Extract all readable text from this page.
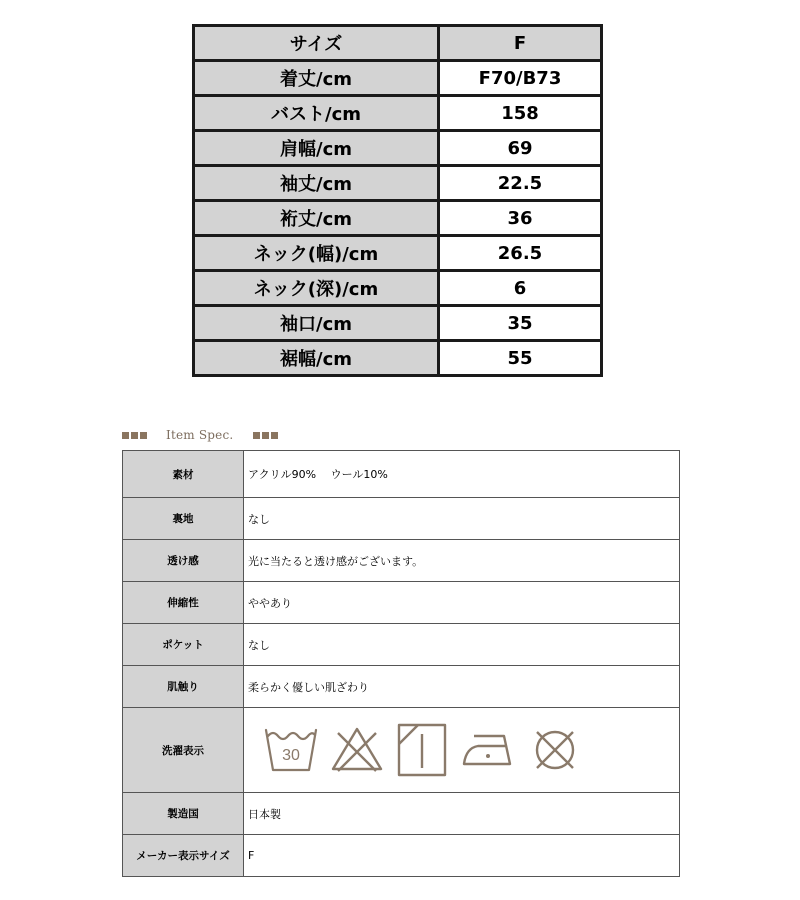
サイズ	F
着丈/cm	F70/B73
バスト/cm	158
肩幅/cm	69
袖丈/cm	22.5
裄丈/cm	36
ネック(幅)/cm	26.5
ネック(深)/cm	6
袖口/cm	35
裾幅/cm	55
Item Spec.
素材	アクリル90%　 ウール10%
裏地	なし
透け感	光に当たると透け感がございます。
伸縮性	ややあり
ポケット	なし
肌触り	柔らかく優しい肌ざわり
洗濯表示	30

製造国	日本製
メーカー表示サイズ	F
